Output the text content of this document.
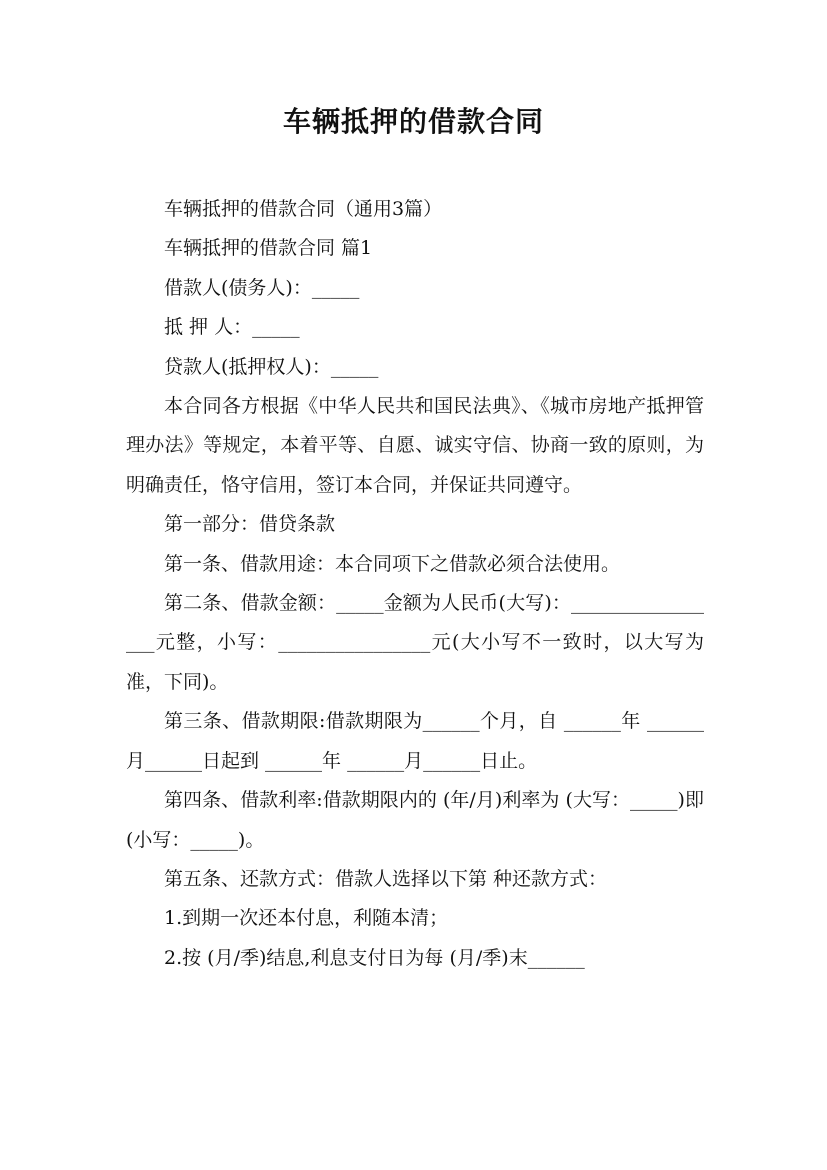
车辆抵押的借款合同

车辆抵押的借款合同（通用3篇）

车辆抵押的借款合同 篇1

借款人(债务人)：_____

抵 押 人：_____

贷款人(抵押权人)：_____

本合同各方根据《中华人民共和国民法典》、《城市房地产抵押管理办法》等规定，本着平等、自愿、诚实守信、协商一致的原则，为明确责任，恪守信用，签订本合同，并保证共同遵守。

第一部分：借贷条款

第一条、借款用途：本合同项下之借款必须合法使用。

第二条、借款金额：_____金额为人民币(大写)：_________________元整，小写：________________元(大小写不一致时，以大写为准，下同)。

第三条、借款期限:借款期限为______个月，自 ______年 ______月______日起到 ______年 ______月______日止。

第四条、借款利率:借款期限内的 (年/月)利率为 (大写：_____)即(小写：_____)。

第五条、还款方式：借款人选择以下第 种还款方式：

1.到期一次还本付息，利随本清；

2.按 (月/季)结息,利息支付日为每 (月/季)末______
